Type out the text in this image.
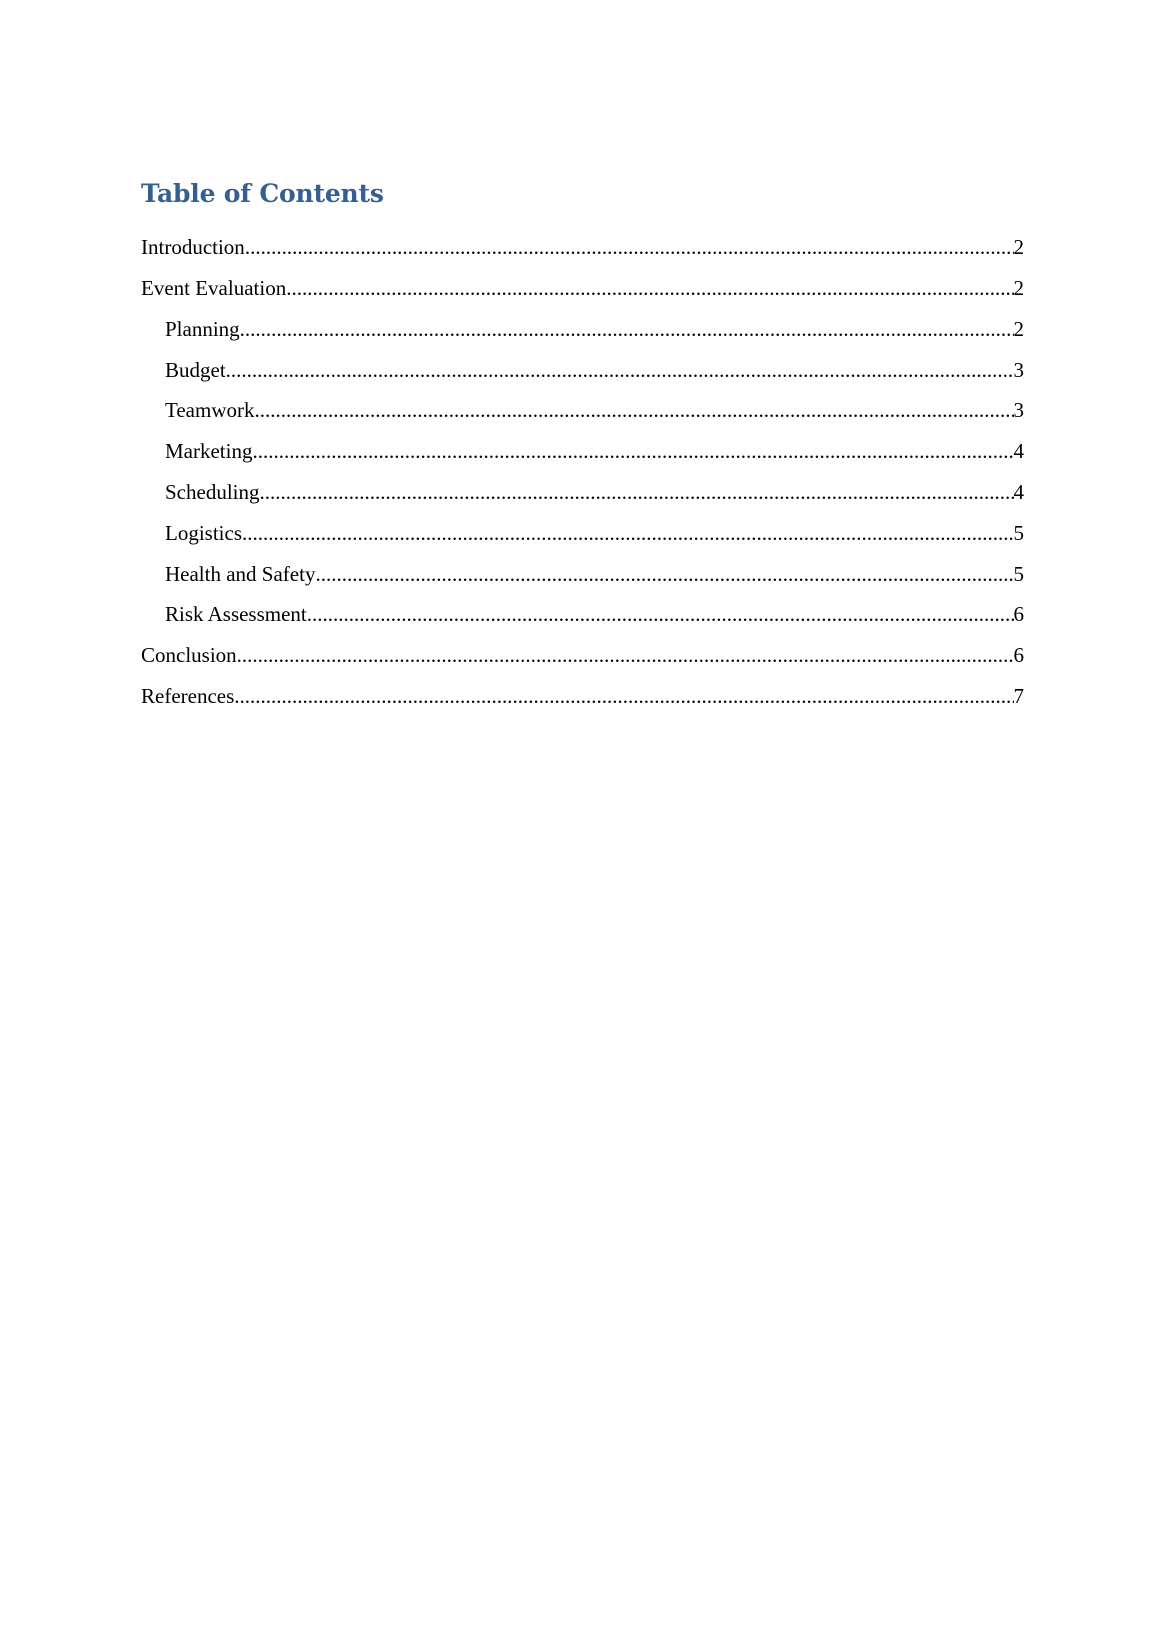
Table of Contents
Introduction .....	2
Event Evaluation .....	2
Planning .....	2
Budget .....	3
Teamwork .....	3
Marketing .....	4
Scheduling .....	4
Logistics .....	5
Health and Safety .....	5
Risk Assessment .....	6
Conclusion .....	6
References .....	7
